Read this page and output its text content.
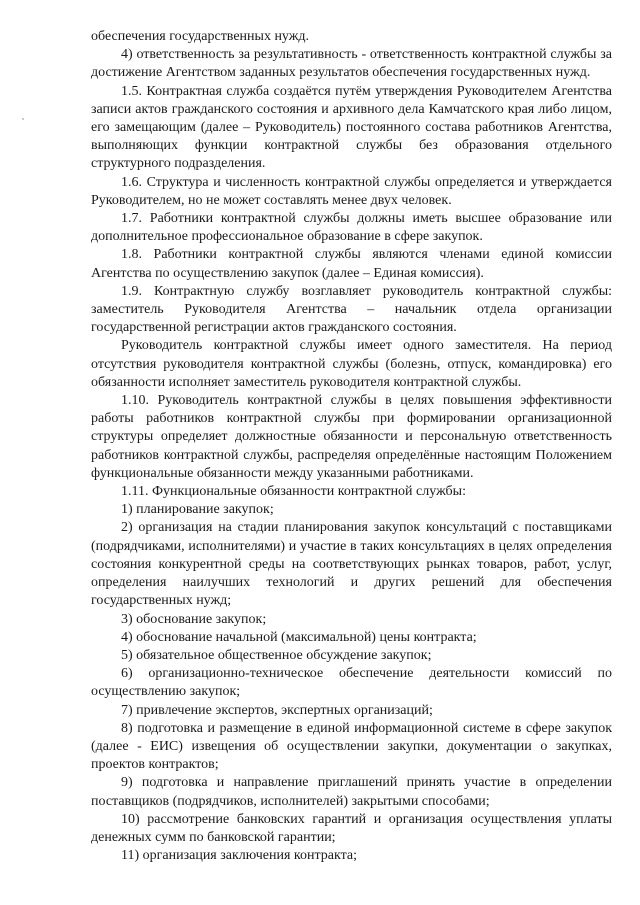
обеспечения государственных нужд.

4) ответственность за результативность - ответственность контрактной службы за достижение Агентством заданных результатов обеспечения государственных нужд.

1.5. Контрактная служба создаётся путём утверждения Руководителем Агентства записи актов гражданского состояния и архивного дела Камчатского края либо лицом, его замещающим (далее – Руководитель) постоянного состава работников Агентства, выполняющих функции контрактной службы без образования отдельного структурного подразделения.

1.6. Структура и численность контрактной службы определяется и утверждается Руководителем, но не может составлять менее двух человек.

1.7. Работники контрактной службы должны иметь высшее образование или дополнительное профессиональное образование в сфере закупок.

1.8. Работники контрактной службы являются членами единой комиссии Агентства по осуществлению закупок (далее – Единая комиссия).

1.9. Контрактную службу возглавляет руководитель контрактной службы: заместитель Руководителя Агентства – начальник отдела организации государственной регистрации актов гражданского состояния.

Руководитель контрактной службы имеет одного заместителя. На период отсутствия руководителя контрактной службы (болезнь, отпуск, командировка) его обязанности исполняет заместитель руководителя контрактной службы.

1.10. Руководитель контрактной службы в целях повышения эффективности работы работников контрактной службы при формировании организационной структуры определяет должностные обязанности и персональную ответственность работников контрактной службы, распределяя определённые настоящим Положением функциональные обязанности между указанными работниками.

1.11. Функциональные обязанности контрактной службы:

1) планирование закупок;

2) организация на стадии планирования закупок консультаций с поставщиками (подрядчиками, исполнителями) и участие в таких консультациях в целях определения состояния конкурентной среды на соответствующих рынках товаров, работ, услуг, определения наилучших технологий и других решений для обеспечения государственных нужд;

3) обоснование закупок;

4) обоснование начальной (максимальной) цены контракта;

5) обязательное общественное обсуждение закупок;

6) организационно-техническое обеспечение деятельности комиссий по осуществлению закупок;

7) привлечение экспертов, экспертных организаций;

8) подготовка и размещение в единой информационной системе в сфере закупок (далее - ЕИС) извещения об осуществлении закупки, документации о закупках, проектов контрактов;

9) подготовка и направление приглашений принять участие в определении поставщиков (подрядчиков, исполнителей) закрытыми способами;

10) рассмотрение банковских гарантий и организация осуществления уплаты денежных сумм по банковской гарантии;

11) организация заключения контракта;
